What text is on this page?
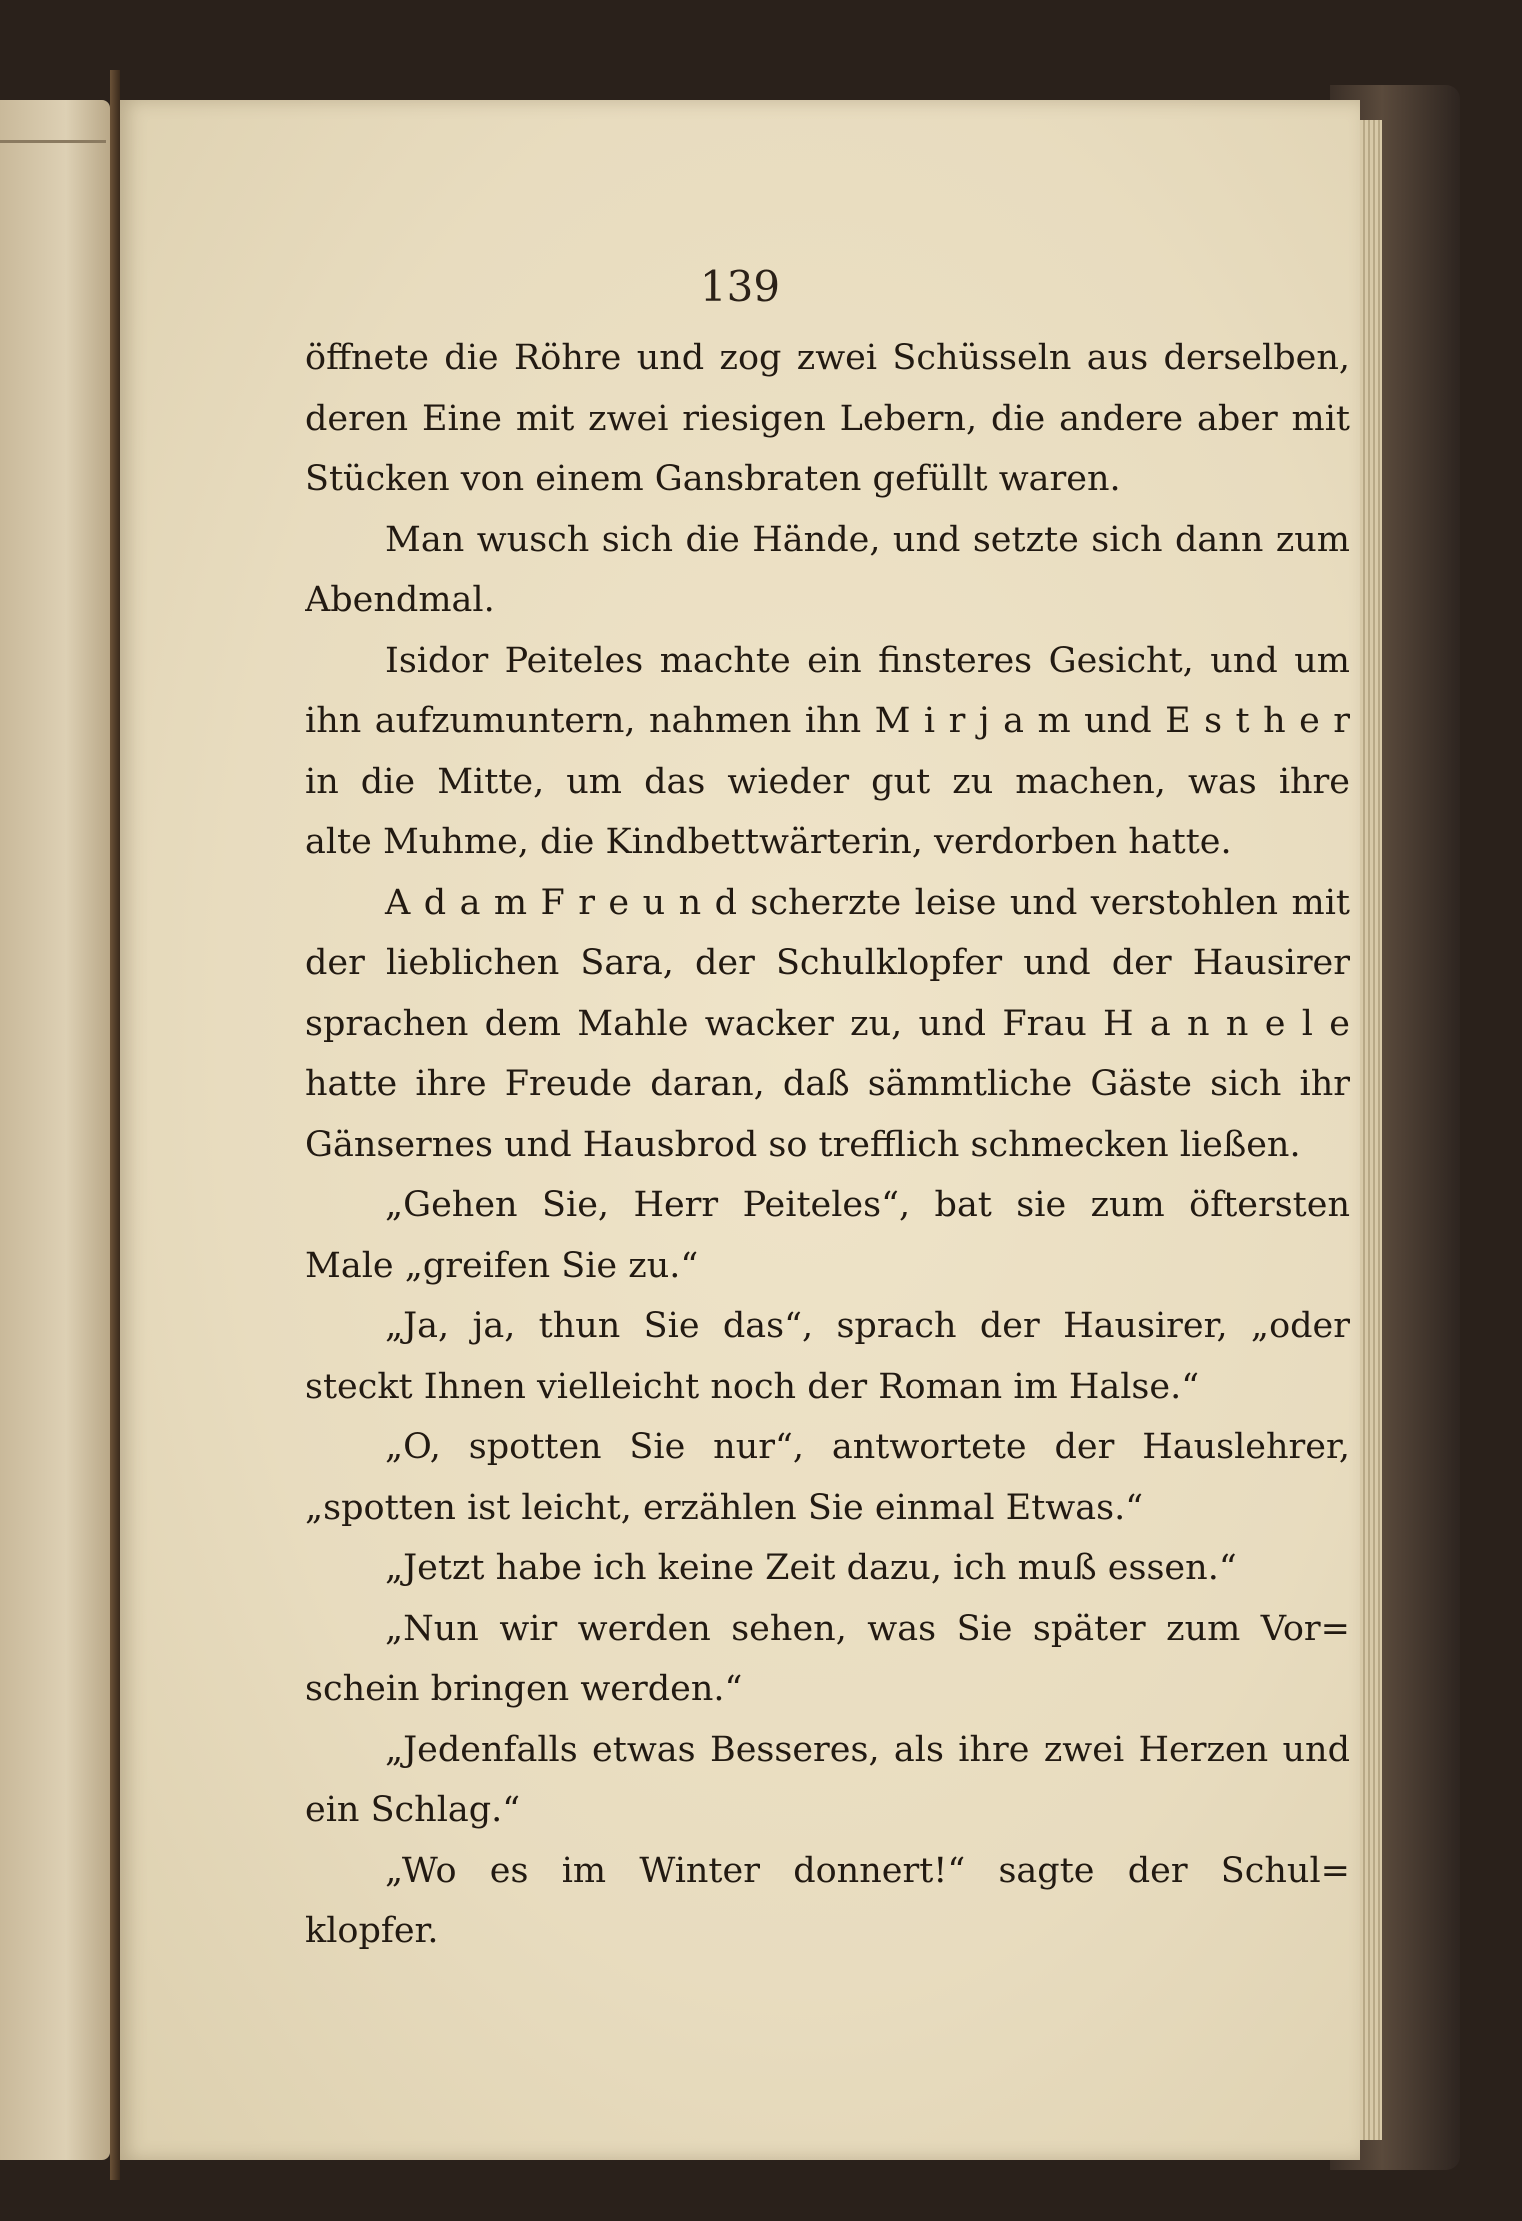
139
öffnete die Röhre und zog zwei Schüsseln aus derselben,
deren Eine mit zwei riesigen Lebern, die andere aber mit
Stücken von einem Gansbraten gefüllt waren.
Man wusch sich die Hände, und setzte sich dann zum
Abendmal.
Isidor Peiteles machte ein finsteres Gesicht, und um
ihn aufzumuntern, nahmen ihn M i r j a m und E s t h e r
in die Mitte, um das wieder gut zu machen, was ihre
alte Muhme, die Kindbettwärterin, verdorben hatte.
A d a m F r e u n d scherzte leise und verstohlen mit
der lieblichen Sara, der Schulklopfer und der Hausirer
sprachen dem Mahle wacker zu, und Frau H a n n e l e
hatte ihre Freude daran, daß sämmtliche Gäste sich ihr
Gänsernes und Hausbrod so trefflich schmecken ließen.
„Gehen Sie, Herr Peiteles“, bat sie zum öftersten
Male „greifen Sie zu.“
„Ja, ja, thun Sie das“, sprach der Hausirer, „oder
steckt Ihnen vielleicht noch der Roman im Halse.“
„O, spotten Sie nur“, antwortete der Hauslehrer,
„spotten ist leicht, erzählen Sie einmal Etwas.“
„Jetzt habe ich keine Zeit dazu, ich muß essen.“
„Nun wir werden sehen, was Sie später zum Vor=
schein bringen werden.“
„Jedenfalls etwas Besseres, als ihre zwei Herzen und
ein Schlag.“
„Wo es im Winter donnert!“ sagte der Schul=
klopfer.
